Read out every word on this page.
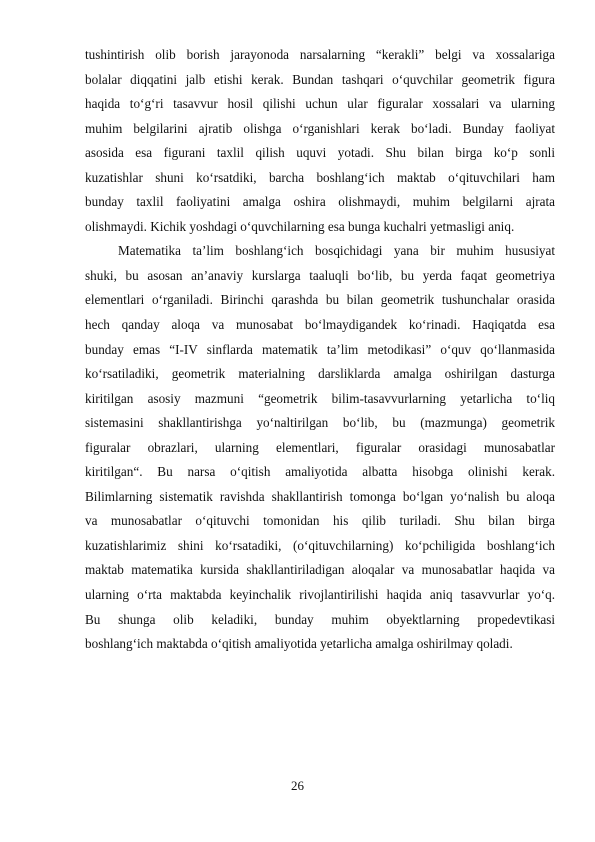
tushintirish olib borish jarayonoda narsalarning “kerakli” belgi va xossalariga
bolalar diqqatini jalb etishi kerak. Bundan tashqari o‘quvchilar geometrik figura
haqida to‘g‘ri tasavvur hosil qilishi uchun ular figuralar xossalari va ularning
muhim belgilarini ajratib olishga o‘rganishlari kerak bo‘ladi. Bunday faoliyat
asosida esa figurani taxlil qilish uquvi yotadi. Shu bilan birga ko‘p sonli
kuzatishlar shuni ko‘rsatdiki, barcha boshlang‘ich maktab o‘qituvchilari ham
bunday taxlil faoliyatini amalga oshira olishmaydi, muhim belgilarni ajrata
olishmaydi. Kichik yoshdagi o‘quvchilarning esa bunga kuchalri yetmasligi aniq.
Matematika ta’lim boshlang‘ich bosqichidagi yana bir muhim hususiyat
shuki, bu asosan an’anaviy kurslarga taaluqli bo‘lib, bu yerda faqat geometriya
elementlari o‘rganiladi. Birinchi qarashda bu bilan geometrik tushunchalar orasida
hech qanday aloqa va munosabat bo‘lmaydigandek ko‘rinadi. Haqiqatda esa
bunday emas “I-IV sinflarda matematik ta’lim metodikasi” o‘quv qo‘llanmasida
ko‘rsatiladiki, geometrik materialning darsliklarda amalga oshirilgan dasturga
kiritilgan asosiy mazmuni “geometrik bilim-tasavvurlarning yetarlicha to‘liq
sistemasini shakllantirishga yo‘naltirilgan bo‘lib, bu (mazmunga) geometrik
figuralar obrazlari, ularning elementlari, figuralar orasidagi munosabatlar
kiritilgan“. Bu narsa o‘qitish amaliyotida albatta hisobga olinishi kerak.
Bilimlarning sistematik ravishda shakllantirish tomonga bo‘lgan yo‘nalish bu aloqa
va munosabatlar o‘qituvchi tomonidan his qilib turiladi. Shu bilan birga
kuzatishlarimiz shini ko‘rsatadiki, (o‘qituvchilarning) ko‘pchiligida boshlang‘ich
maktab matematika kursida shakllantiriladigan aloqalar va munosabatlar haqida va
ularning o‘rta maktabda keyinchalik rivojlantirilishi haqida aniq tasavvurlar yo‘q.
Bu shunga olib keladiki, bunday muhim obyektlarning propedevtikasi
boshlang‘ich maktabda o‘qitish amaliyotida yetarlicha amalga oshirilmay qoladi.
26
